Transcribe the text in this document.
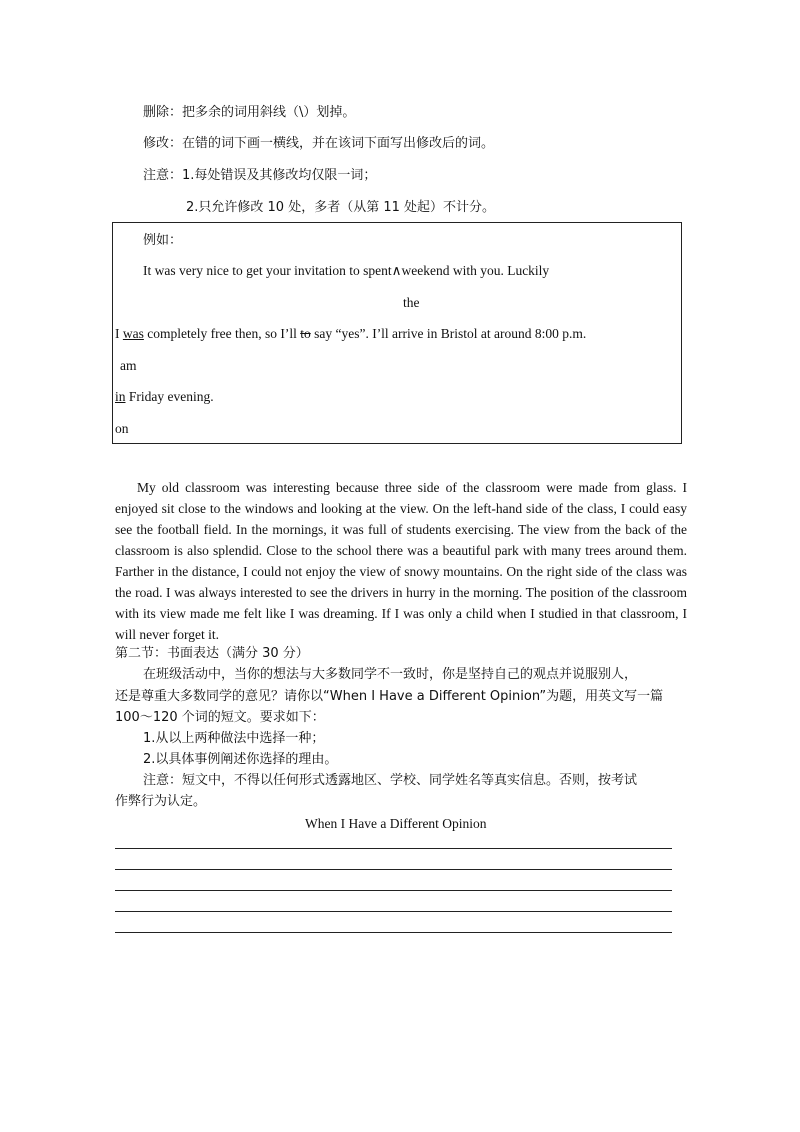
删除：把多余的词用斜线（\）划掉。
修改：在错的词下画一横线，并在该词下面写出修改后的词。
注意：1.每处错误及其修改均仅限一词；
2.只允许修改 10 处，多者（从第 11 处起）不计分。
例如：
It was very nice to get your invitation to spent∧weekend with you. Luckily
the
I was completely free then, so I’ll to say “yes”. I’ll arrive in Bristol at around 8:00 p.m.
am
in Friday evening.
on

My old classroom was interesting because three side of the classroom were made from glass. I enjoyed sit close to the windows and looking at the view. On the left-hand side of the class, I could easy see the football field. In the mornings, it was full of students exercising. The view from the back of the classroom is also splendid. Close to the school there was a beautiful park with many trees around them. Farther in the distance, I could not enjoy the view of snowy mountains. On the right side of the class was the road. I was always interested to see the drivers in hurry in the morning. The position of the classroom with its view made me felt like I was dreaming. If I was only a child when I studied in that classroom, I will never forget it.

第二节：书面表达（满分 30 分）
在班级活动中，当你的想法与大多数同学不一致时，你是坚持自己的观点并说服别人，
还是尊重大多数同学的意见？请你以“When I Have a Different Opinion”为题，用英文写一篇
100～120 个词的短文。要求如下：
1.从以上两种做法中选择一种；
2.以具体事例阐述你选择的理由。
注意：短文中，不得以任何形式透露地区、学校、同学姓名等真实信息。否则，按考试
作弊行为认定。
When I Have a Different Opinion
